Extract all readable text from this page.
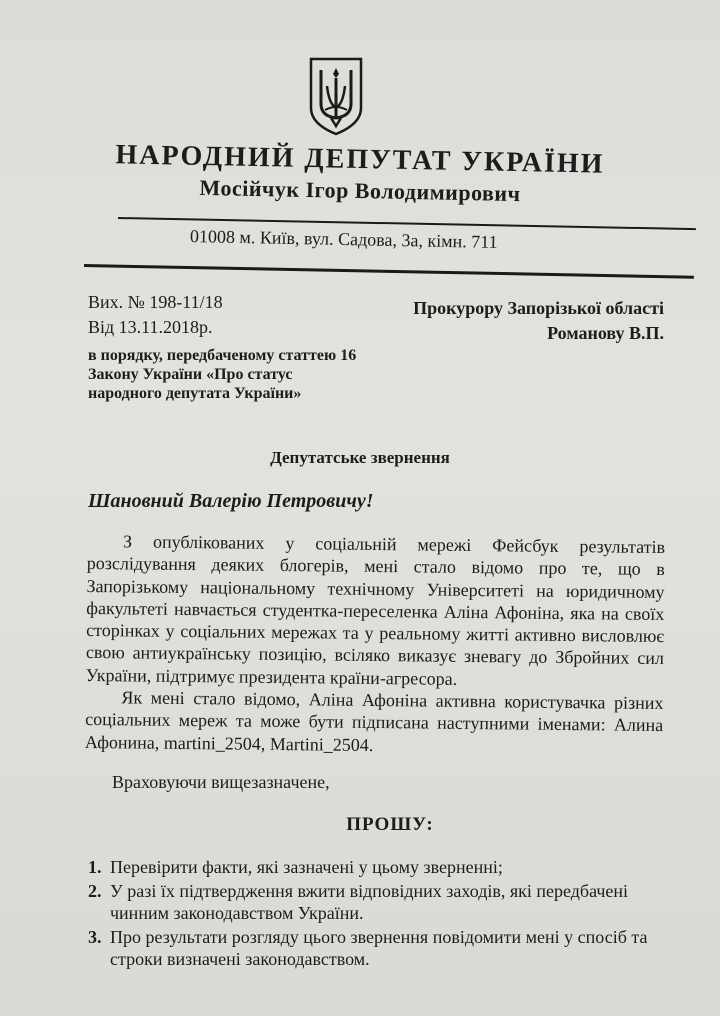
НАРОДНИЙ ДЕПУТАТ УКРАЇНИ
Мосійчук Ігор Володимирович
01008 м. Київ, вул. Садова, 3а, кімн. 711
Вих. № 198-11/18
Від 13.11.2018р.
Прокурору Запорізької області
Романову В.П.
в порядку, передбаченому статтею 16
Закону України «Про статус
народного депутата України»
Депутатське звернення
Шановний Валерію Петровичу!

З опублікованих у соціальній мережі Фейсбук результатів розслідування деяких блогерів, мені стало відомо про те, що в Запорізькому національному технічному Університеті на юридичному факультеті навчається студентка-переселенка Аліна Афоніна, яка на своїх сторінках у соціальних мережах та у реальному житті активно висловлює свою антиукраїнську позицію, всіляко виказує зневагу до Збройних сил України, підтримує президента країни-агресора.

Як мені стало відомо, Аліна Афоніна активна користувачка різних соціальних мереж та може бути підписана наступними іменами: Алина Афонина, martini_2504, Martini_2504.

Враховуючи вищезазначене,
ПРОШУ:
1. Перевірити факти, які зазначені у цьому зверненні;
2. У разі їх підтвердження вжити відповідних заходів, які передбачені чинним законодавством України.
3. Про результати розгляду цього звернення повідомити мені у спосіб та строки визначені законодавством.
